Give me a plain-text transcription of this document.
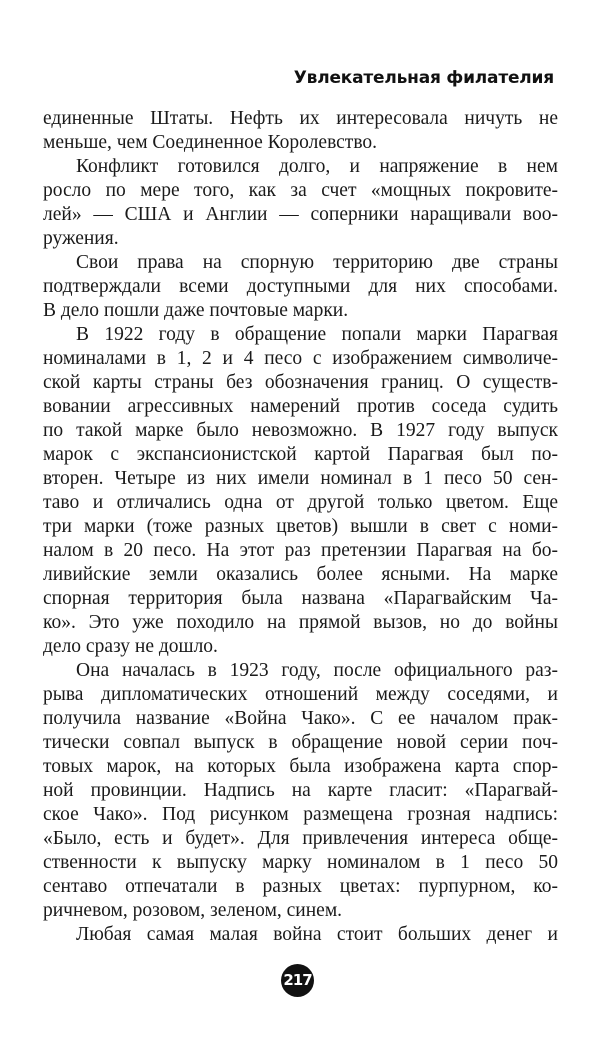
Увлекательная филателия
единенные Штаты. Нефть их интересовала ничуть не
меньше, чем Соединенное Королевство.
Конфликт готовился долго, и напряжение в нем
росло по мере того, как за счет «мощных покровите-
лей» — США и Англии — соперники наращивали воо-
ружения.
Свои права на спорную территорию две страны
подтверждали всеми доступными для них способами.
В дело пошли даже почтовые марки.
В 1922 году в обращение попали марки Парагвая
номиналами в 1, 2 и 4 песо с изображением символиче-
ской карты страны без обозначения границ. О существ-
вовании агрессивных намерений против соседа судить
по такой марке было невозможно. В 1927 году выпуск
марок с экспансионистской картой Парагвая был по-
вторен. Четыре из них имели номинал в 1 песо 50 сен-
таво и отличались одна от другой только цветом. Еще
три марки (тоже разных цветов) вышли в свет с номи-
налом в 20 песо. На этот раз претензии Парагвая на бо-
ливийские земли оказались более ясными. На марке
спорная территория была названа «Парагвайским Ча-
ко». Это уже походило на прямой вызов, но до войны
дело сразу не дошло.
Она началась в 1923 году, после официального раз-
рыва дипломатических отношений между соседями, и
получила название «Война Чако». С ее началом прак-
тически совпал выпуск в обращение новой серии поч-
товых марок, на которых была изображена карта спор-
ной провинции. Надпись на карте гласит: «Парагвай-
ское Чако». Под рисунком размещена грозная надпись:
«Было, есть и будет». Для привлечения интереса обще-
ственности к выпуску марку номиналом в 1 песо 50
сентаво отпечатали в разных цветах: пурпурном, ко-
ричневом, розовом, зеленом, синем.
Любая самая малая война стоит больших денег и
217
